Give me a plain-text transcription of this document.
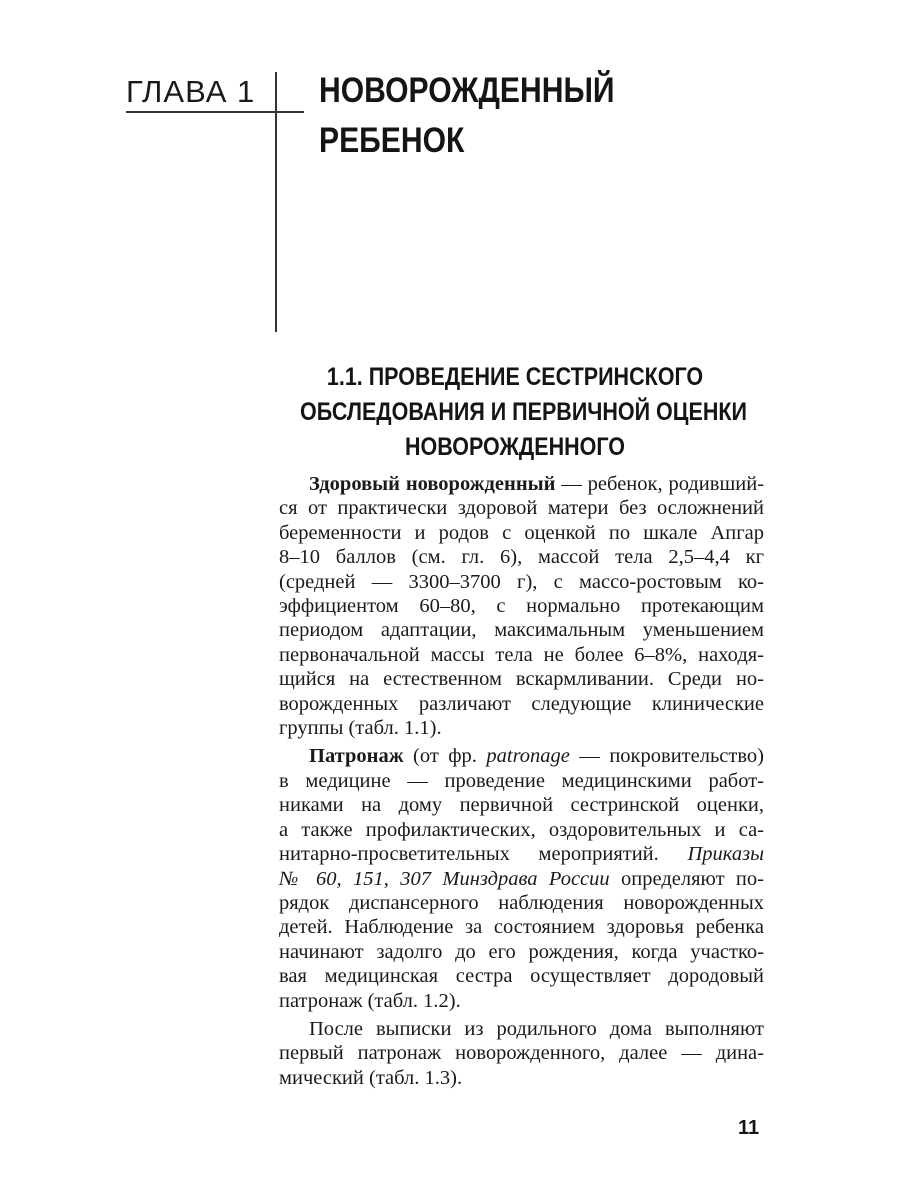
ГЛАВА 1 НОВОРОЖДЕННЫЙ
РЕБЕНОК
1.1. ПРОВЕДЕНИЕ СЕСТРИНСКОГО
ОБСЛЕДОВАНИЯ И ПЕРВИЧНОЙ ОЦЕНКИ
НОВОРОЖДЕННОГО
Здоровый новорожденный — ребенок, родивший-
ся от практически здоровой матери без осложнений
беременности и родов с оценкой по шкале Апгар
8–10 баллов (см. гл. 6), массой тела 2,5–4,4 кг
(средней — 3300–3700 г), с массо-ростовым ко-
эффициентом 60–80, с нормально протекающим
периодом адаптации, максимальным уменьшением
первоначальной массы тела не более 6–8%, находя-
щийся на естественном вскармливании. Среди но-
ворожденных различают следующие клинические
группы (табл. 1.1).
Патронаж (от фр. patronage — покровительство)
в медицине — проведение медицинскими работ-
никами на дому первичной сестринской оценки,
а также профилактических, оздоровительных и са-
нитарно-просветительных мероприятий. Приказы
№ 60, 151, 307 Минздрава России определяют по-
рядок диспансерного наблюдения новорожденных
детей. Наблюдение за состоянием здоровья ребенка
начинают задолго до его рождения, когда участко-
вая медицинская сестра осуществляет дородовый
патронаж (табл. 1.2).
После выписки из родильного дома выполняют
первый патронаж новорожденного, далее — дина-
мический (табл. 1.3).
11
